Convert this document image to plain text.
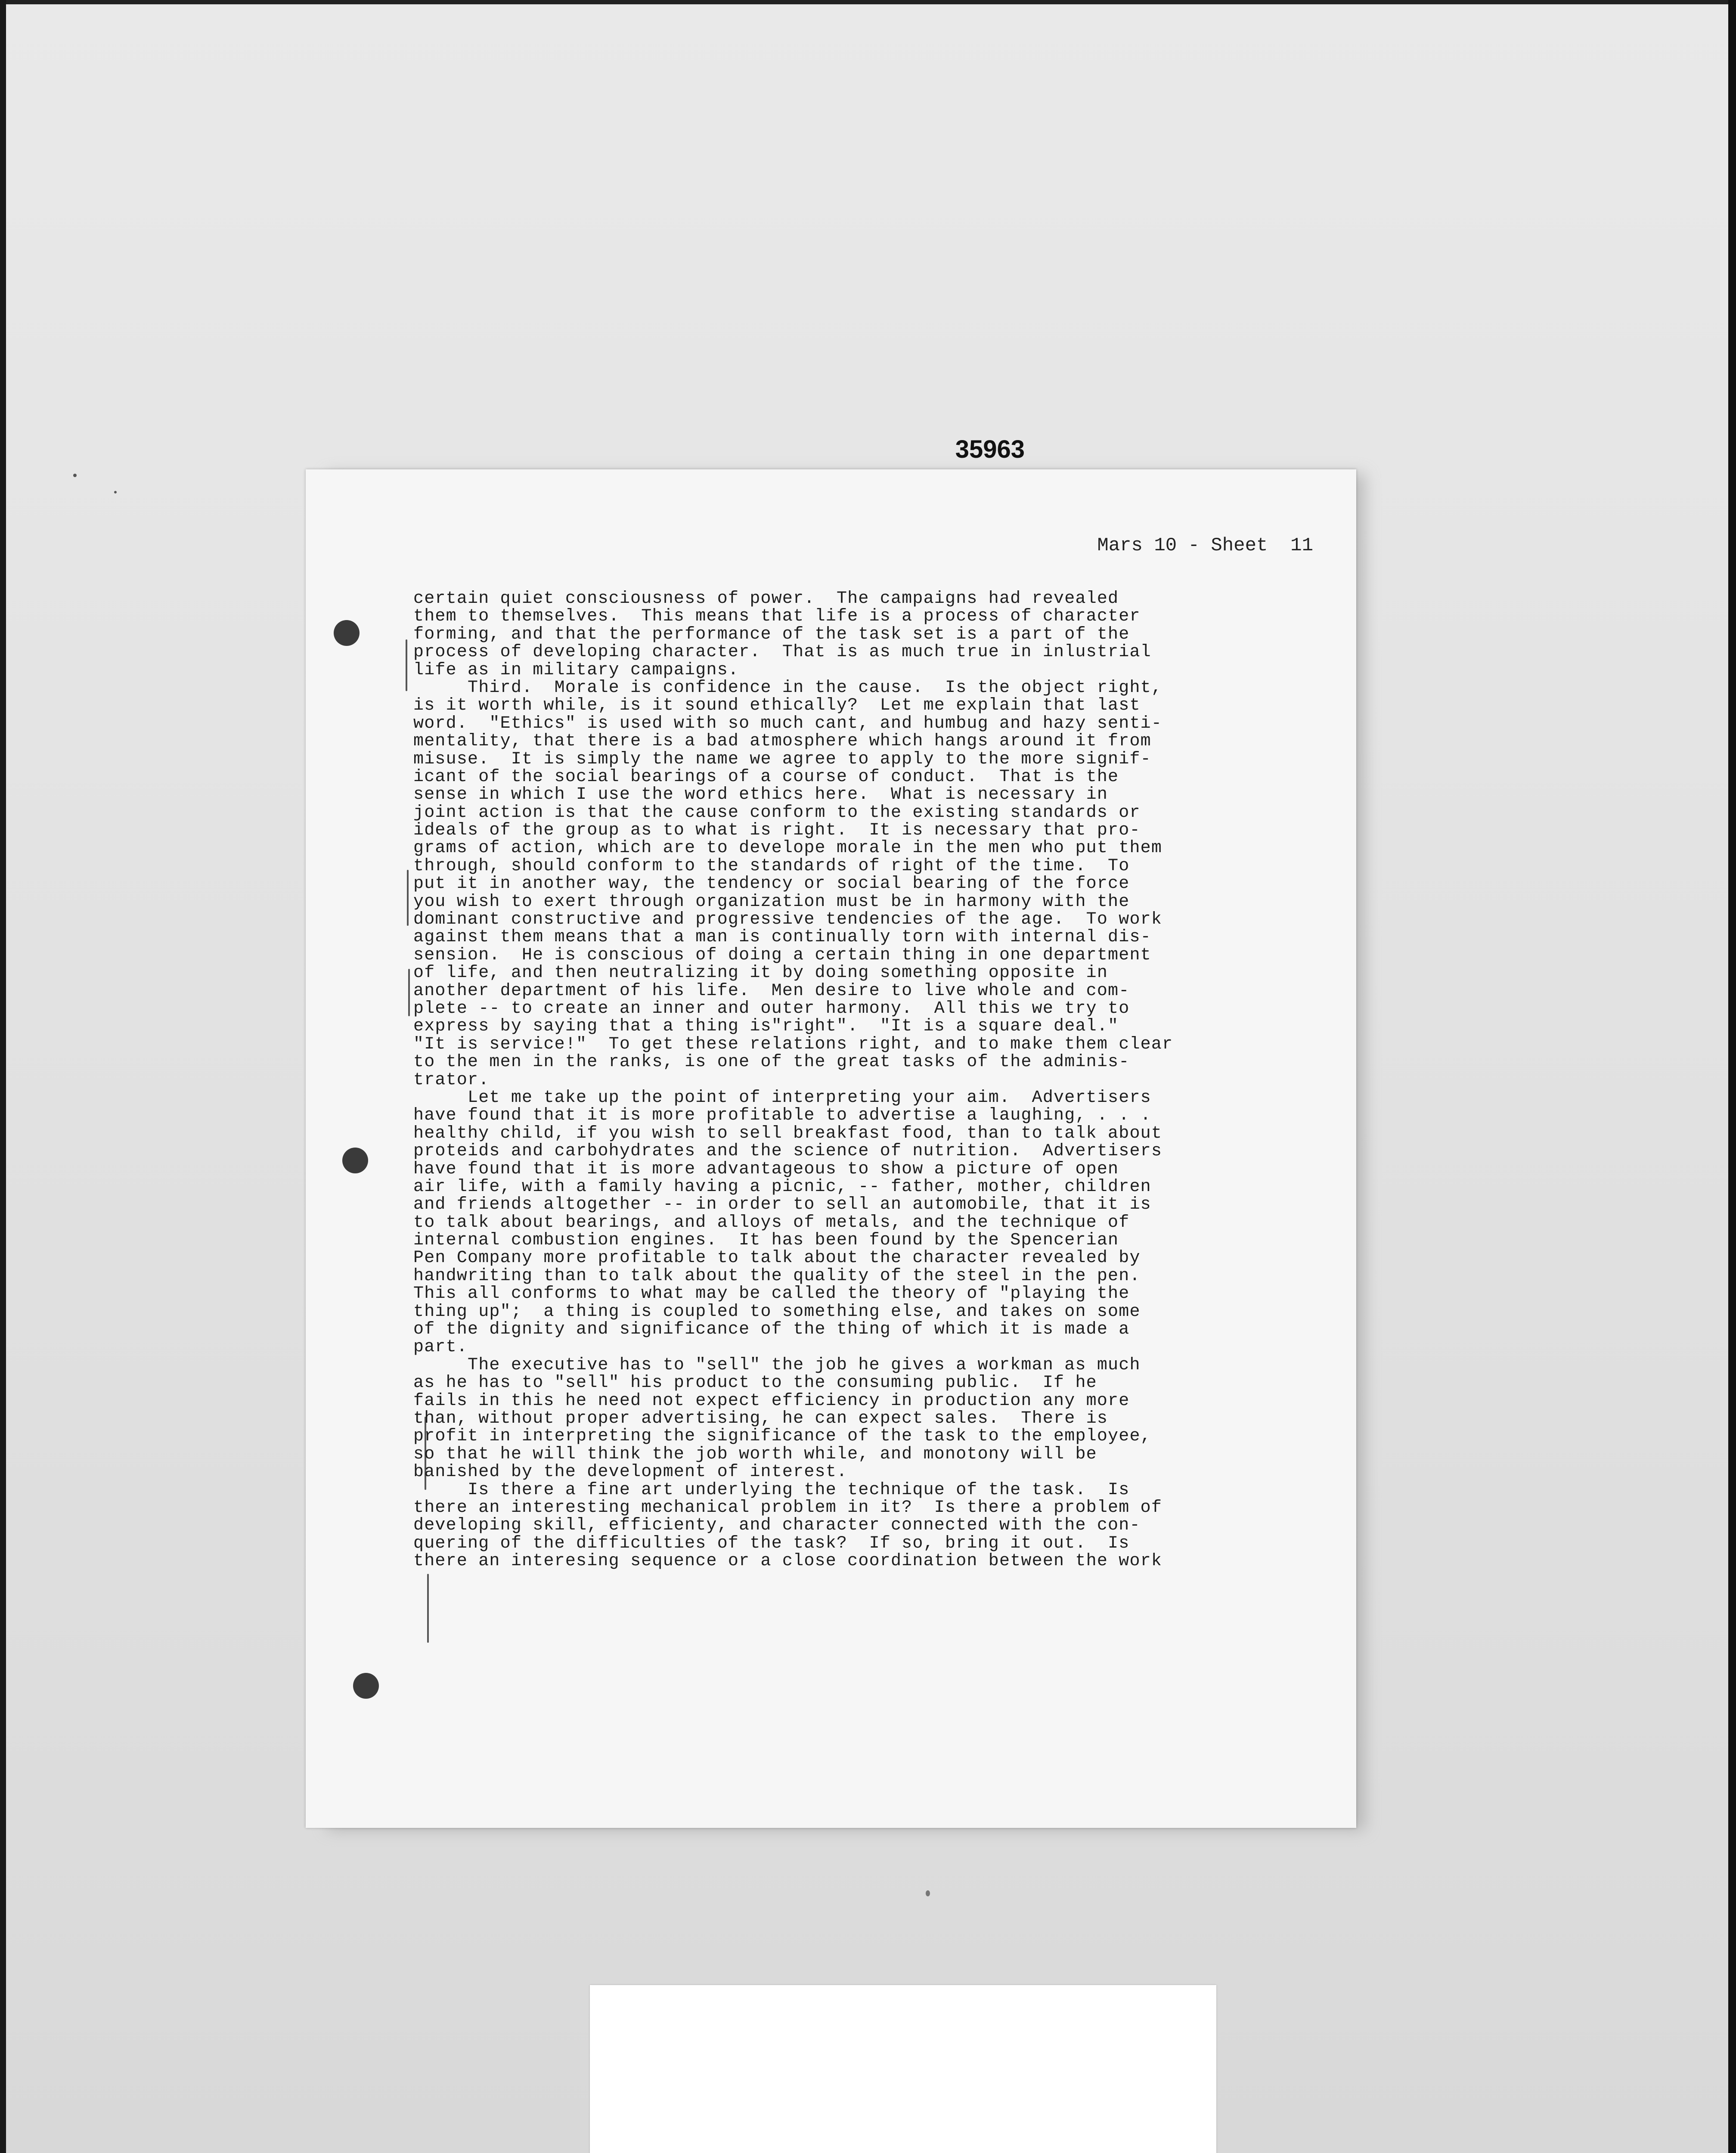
35963

Mars 10 - Sheet  11

certain quiet consciousness of power.  The campaigns had revealed
them to themselves.  This means that life is a process of character
forming, and that the performance of the task set is a part of the
process of developing character.  That is as much true in inlustrial
life as in military campaigns.
Third.  Morale is confidence in the cause.  Is the object right,
is it worth while, is it sound ethically?  Let me explain that last
word.  "Ethics" is used with so much cant, and humbug and hazy senti-
mentality, that there is a bad atmosphere which hangs around it from
misuse.  It is simply the name we agree to apply to the more signif-
icant of the social bearings of a course of conduct.  That is the
sense in which I use the word ethics here.  What is necessary in
joint action is that the cause conform to the existing standards or
ideals of the group as to what is right.  It is necessary that pro-
grams of action, which are to develope morale in the men who put them
through, should conform to the standards of right of the time.  To
put it in another way, the tendency or social bearing of the force
you wish to exert through organization must be in harmony with the
dominant constructive and progressive tendencies of the age.  To work
against them means that a man is continually torn with internal dis-
sension.  He is conscious of doing a certain thing in one department
of life, and then neutralizing it by doing something opposite in
another department of his life.  Men desire to live whole and com-
plete -- to create an inner and outer harmony.  All this we try to
express by saying that a thing is"right".  "It is a square deal."
"It is service!"  To get these relations right, and to make them clear
to the men in the ranks, is one of the great tasks of the adminis-
trator.
Let me take up the point of interpreting your aim.  Advertisers
have found that it is more profitable to advertise a laughing, . . .
healthy child, if you wish to sell breakfast food, than to talk about
proteids and carbohydrates and the science of nutrition.  Advertisers
have found that it is more advantageous to show a picture of open
air life, with a family having a picnic, -- father, mother, children
and friends altogether -- in order to sell an automobile, that it is
to talk about bearings, and alloys of metals, and the technique of
internal combustion engines.  It has been found by the Spencerian
Pen Company more profitable to talk about the character revealed by
handwriting than to talk about the quality of the steel in the pen.
This all conforms to what may be called the theory of "playing the
thing up";  a thing is coupled to something else, and takes on some
of the dignity and significance of the thing of which it is made a
part.
The executive has to "sell" the job he gives a workman as much
as he has to "sell" his product to the consuming public.  If he
fails in this he need not expect efficiency in production any more
than, without proper advertising, he can expect sales.  There is
profit in interpreting the significance of the task to the employee,
so that he will think the job worth while, and monotony will be
banished by the development of interest.
Is there a fine art underlying the technique of the task.  Is
there an interesting mechanical problem in it?  Is there a problem of
developing skill, efficienty, and character connected with the con-
quering of the difficulties of the task?  If so, bring it out.  Is
there an interesing sequence or a close coordination between the work
